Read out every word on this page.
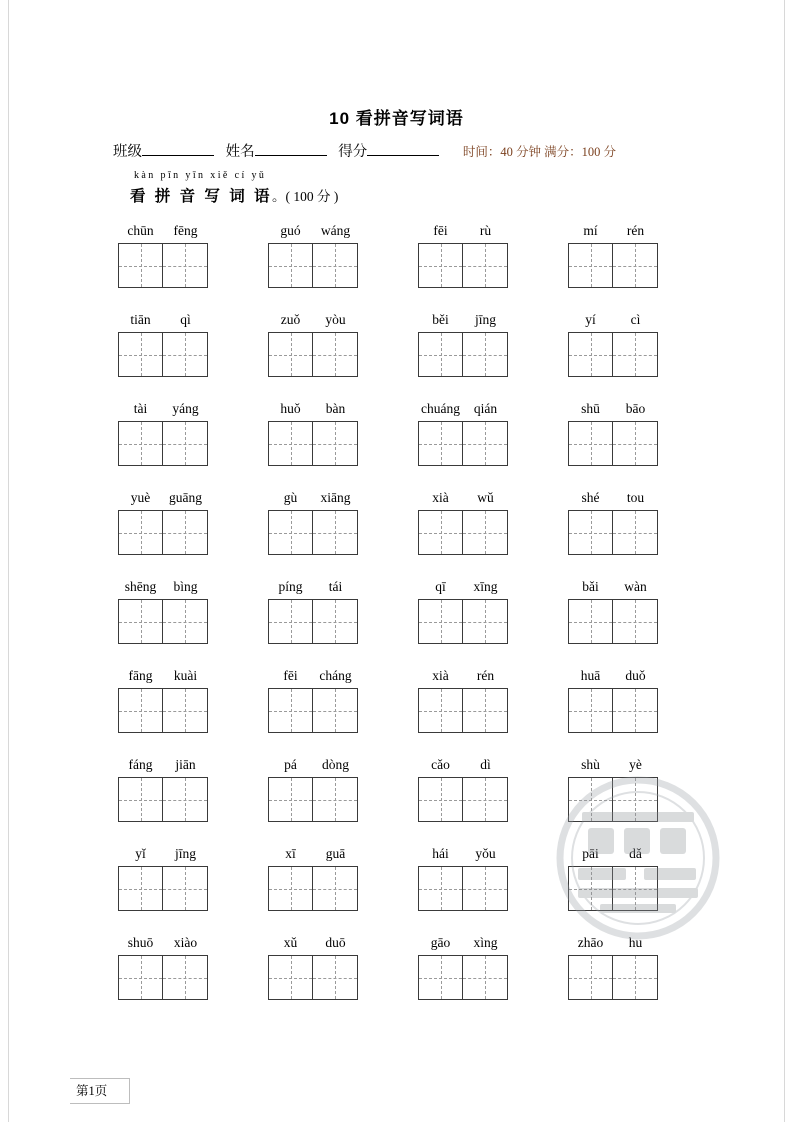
10 看拼音写词语
班级	姓名	得分	时间：40 分钟 满分：100 分
kàn pīn yīn xiě cí yǔ
看 拼 音 写 词 语。( 100 分 )
chūn	fēng	guó	wáng	fēi	rù	mí	rén
tiān	qì	zuǒ	yòu	běi	jīng	yí	cì
tài	yáng	huǒ	bàn	chuáng	qián	shū	bāo
yuè	guāng	gù	xiāng	xià	wǔ	shé	tou
shēng	bìng	píng	tái	qī	xīng	bǎi	wàn
fāng	kuài	fēi	cháng	xià	rén	huā	duǒ
fáng	jiān	pá	dòng	cǎo	dì	shù	yè
yǐ	jīng	xī	guā	hái	yǒu	pāi	dǎ
shuō	xiào	xǔ	duō	gāo	xìng	zhāo	hu
第1页
